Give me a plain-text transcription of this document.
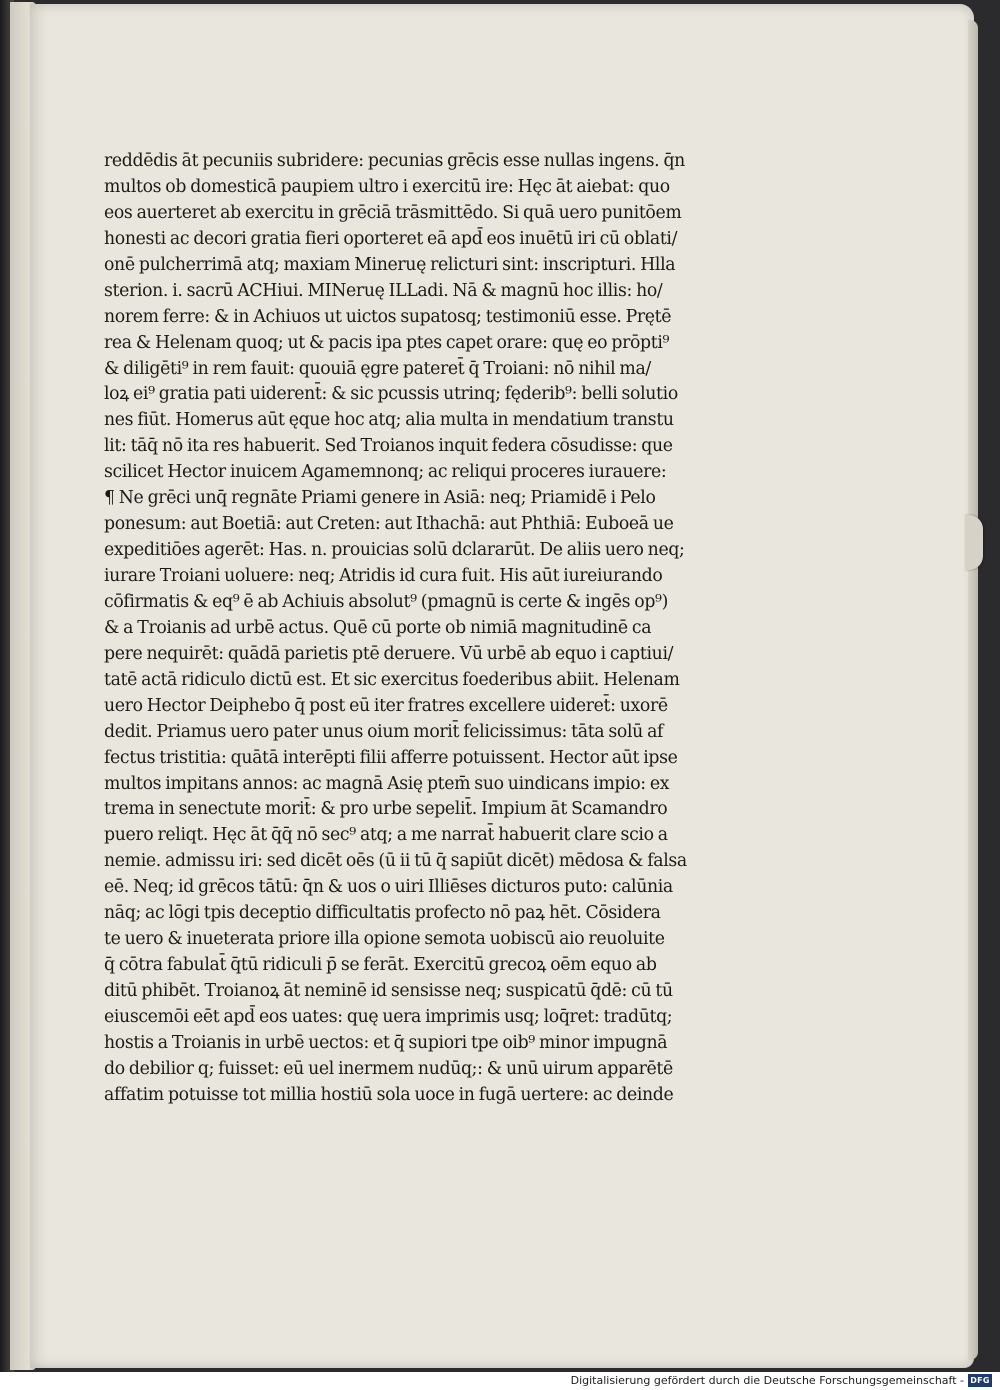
reddēdis āt pecuniis subridere: pecunias grēcis esse nullas ingens. q̄n
multos ob domesticā paupiem ultro i exercitū ire: Hęc āt aiebat: quo
eos auerteret ab exercitu in grēciā trāsmittēdo. Si quā uero punitōem
honesti ac decori gratia fieri oporteret eā apd̄ eos inuētū iri cū oblati/
onē pulcherrimā atq; maxiam Mineruę relicturi sint: inscripturi. Hlla
sterion. i. sacrū ACHiui. MINeruę ILLadi. Nā & magnū hoc illis: ho/
norem ferre: & in Achiuos ut uictos supatosq; testimoniū esse. Prętē
rea & Helenam quoq; ut & pacis ipa ptes capet orare: quę eo prōpti⁹
& diligēti⁹ in rem fauit: quouiā ęgre pateret̄ q̄ Troiani: nō nihil ma/
loꝝ ei⁹ gratia pati uiderent̄: & sic pcussis utrinq; fęderib⁹: belli solutio
nes fiūt. Homerus aūt ęque hoc atq; alia multa in mendatium transtu
lit: tāq̄ nō ita res habuerit. Sed Troianos inquit federa cōsudisse: que
scilicet Hector inuicem Agamemnonq; ac reliqui proceres iurauere:
¶ Ne grēci unq̄ regnāte Priami genere in Asiā: neq; Priamidē i Pelo
ponesum: aut Boetiā: aut Creten: aut Ithachā: aut Phthiā: Euboeā ue
expeditiōes agerēt: Has. n. prouicias solū dclararūt. De aliis uero neq;
iurare Troiani uoluere: neq; Atridis id cura fuit. His aūt iureiurando
cōfirmatis & eq⁹ ē ab Achiuis absolut⁹ (pmagnū is certe & ingēs op⁹)
& a Troianis ad urbē actus. Quē cū porte ob nimiā magnitudinē ca
pere nequirēt: quādā parietis ptē deruere. Vū urbē ab equo i captiui/
tatē actā ridiculo dictū est. Et sic exercitus foederibus abiit. Helenam
uero Hector Deiphebo q̄ post eū iter fratres excellere uideret̄: uxorē
dedit. Priamus uero pater unus oium morit̄ felicissimus: tāta solū af
fectus tristitia: quātā interēpti filii afferre potuissent. Hector aūt ipse
multos impitans annos: ac magnā Asię ptem̄ suo uindicans impio: ex
trema in senectute morit̄: & pro urbe sepelit̄. Impium āt Scamandro
puero reliqt. Hęc āt q̄q̄ nō sec⁹ atq; a me narrat̄ habuerit clare scio a
nemie. admissu iri: sed dicēt oēs (ū ii tū q̄ sapiūt dicēt) mēdosa & falsa
eē. Neq; id grēcos tātū: q̄n & uos o uiri Illiēses dicturos puto: calūnia
nāq; ac lōgi tpis deceptio difficultatis profecto nō paꝝ hēt. Cōsidera
te uero & inueterata priore illa opione semota uobiscū aio reuoluite
q̄ cōtra fabulat̄ q̄tū ridiculi p̄ se ferāt. Exercitū grecoꝝ oēm equo ab
ditū phibēt. Troianoꝝ āt neminē id sensisse neq; suspicatū q̄dē: cū tū
eiuscemōi eēt apd̄ eos uates: quę uera imprimis usq; loq̄ret: tradūtq;
hostis a Troianis in urbē uectos: et q̄ supiori tpe oib⁹ minor impugnā
do debilior q; fuisset: eū uel inermem nudūq;: & unū uirum apparētē
affatim potuisse tot millia hostiū sola uoce in fugā uertere: ac deinde
Digitalisierung gefördert durch die Deutsche Forschungsgemeinschaft - DFG
